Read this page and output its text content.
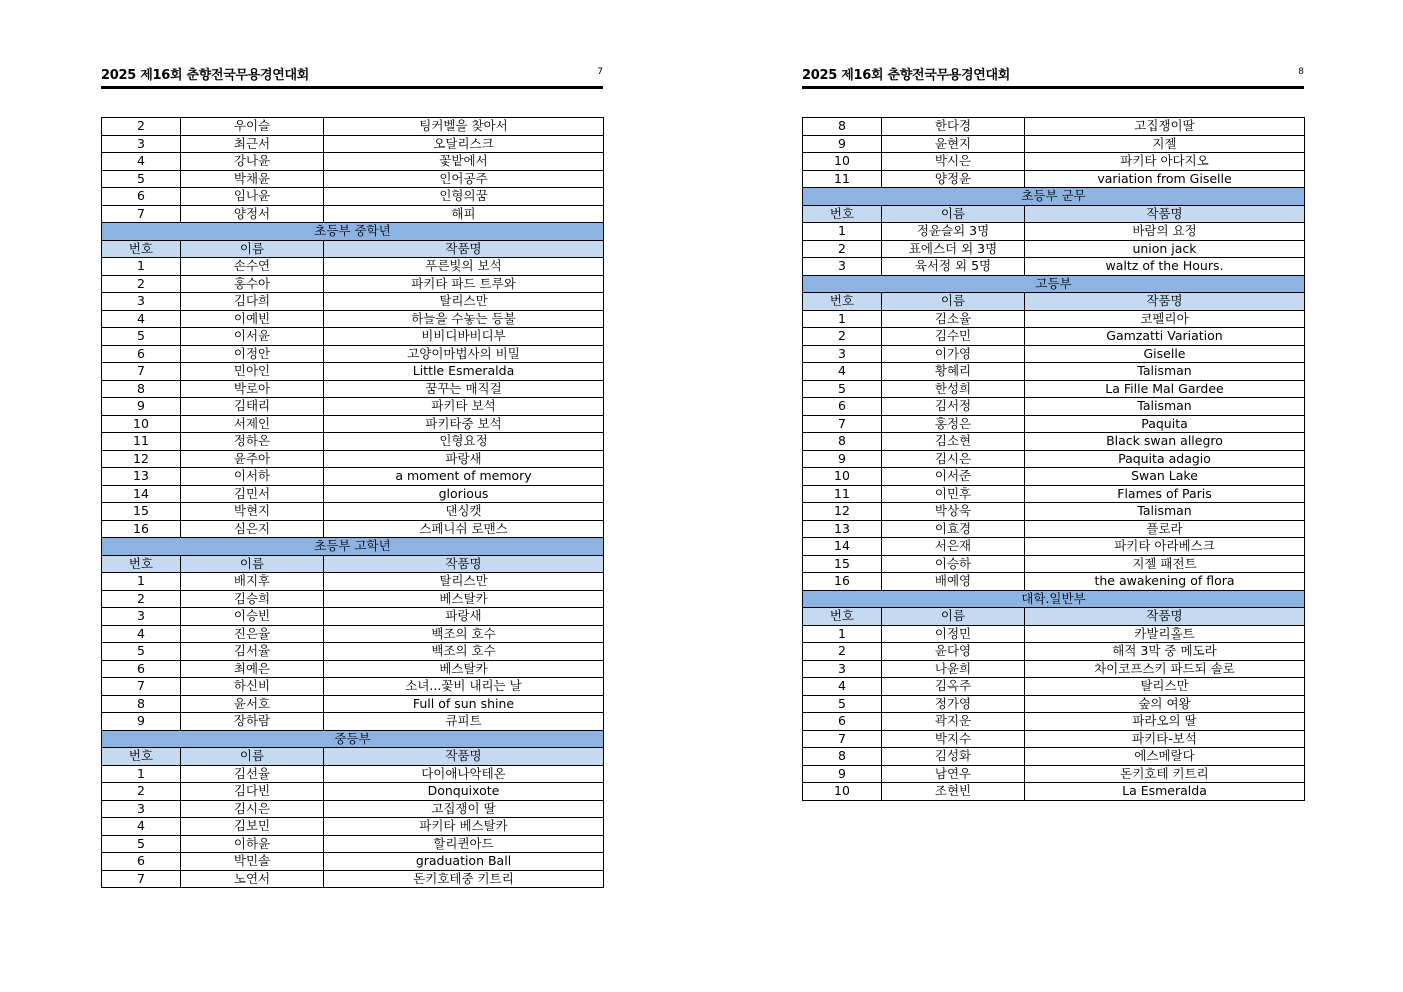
2025 제16회 춘향전국무용경연대회	7
2	우이슬	팅커벨을 찾아서
3	최근서	오달리스크
4	강나윤	꽃밭에서
5	박채윤	인어공주
6	임나윤	인형의꿈
7	양정서	해피
초등부 중학년		
번호	이름	작품명
1	손수연	푸른빛의 보석
2	홍수아	파키타 파드 트루와
3	김다희	탈리스만
4	이예빈	하늘을 수놓는 등불
5	이서윤	비비디바비디부
6	이정안	고양이마법사의 비밀
7	민아인	Little Esmeralda
8	박로아	꿈꾸는 매직걸
9	김태리	파키타 보석
10	서제인	파키타중 보석
11	정하온	인형요정
12	윤주아	파랑새
13	이서하	a moment of memory
14	김민서	glorious
15	박현지	댄싱캣
16	심은지	스페니쉬 로맨스
초등부 고학년		
번호	이름	작품명
1	배지후	탈리스만
2	김승희	베스탈카
3	이승빈	파랑새
4	진은율	백조의 호수
5	김서율	백조의 호수
6	최예은	베스탈카
7	하신비	소녀...꽃비 내리는 날
8	윤서호	Full of sun shine
9	장하람	큐피트
중등부		
번호	이름	작품명
1	김선율	다이애나악테온
2	김다빈	Donquixote
3	김시은	고집쟁이 딸
4	김보민	파키타 베스탈카
5	이하윤	할리퀸아드
6	박민솔	graduation Ball
7	노연서	돈키호테중 키트리
2025 제16회 춘향전국무용경연대회	8
8	한다경	고집쟁이딸
9	윤현지	지젤
10	박시은	파키타 아다지오
11	양정윤	variation from Giselle
초등부 군무		
번호	이름	작품명
1	정윤슬외 3명	바람의 요정
2	표에스더 외 3명	union jack
3	육서정 외 5명	waltz of the Hours.
고등부		
번호	이름	작품명
1	김소율	코펠리아
2	김수민	Gamzatti Variation
3	이가영	Giselle
4	황혜리	Talisman
5	한성희	La Fille Mal Gardee
6	김서정	Talisman
7	홍정은	Paquita
8	김소현	Black swan allegro
9	김시은	Paquita adagio
10	이서준	Swan Lake
11	이민후	Flames of Paris
12	박상욱	Talisman
13	이효경	플로라
14	서은재	파키타 아라베스크
15	이승하	지젤 패전트
16	배예영	the awakening of flora
대학.일반부		
번호	이름	작품명
1	이정민	카발리홀트
2	윤다영	해적 3막 중 메도라
3	나윤희	차이코프스키 파드되 솔로
4	김옥주	탈리스만
5	정가영	숲의 여왕
6	곽지운	파라오의 딸
7	박지수	파키타-보석
8	김성화	에스메랄다
9	남연우	돈키호테 키트리
10	조현빈	La Esmeralda
